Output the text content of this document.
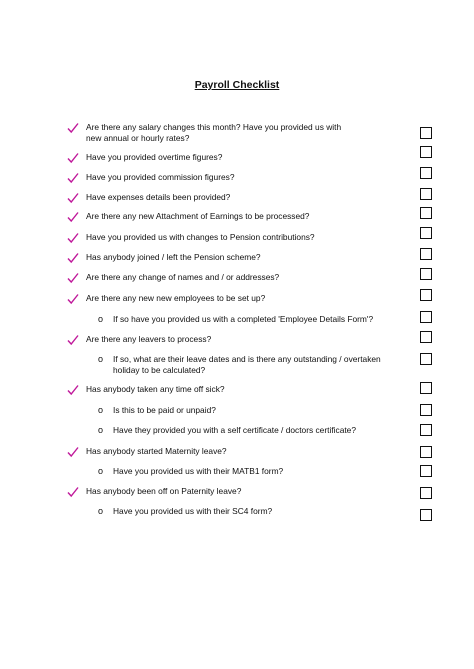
Payroll Checklist
Are there any salary changes this month? Have you provided us with
new annual or hourly rates?
Have you provided overtime figures?
Have you provided commission figures?
Have expenses details been provided?
Are there any new Attachment of Earnings to be processed?
Have you provided us with changes to Pension contributions?
Has anybody joined / left the Pension scheme?
Are there any change of names and / or addresses?
Are there any new new employees to be set up?
o If so have you provided us with a completed 'Employee Details Form'?
Are there any leavers to process?
o If so, what are their leave dates and is there any outstanding / overtaken
holiday to be calculated?
Has anybody taken any time off sick?
o Is this to be paid or unpaid?
o Have they provided you with a self certificate / doctors certificate?
Has anybody started Maternity leave?
o Have you provided us with their MATB1 form?
Has anybody been off on Paternity leave?
o Have you provided us with their SC4 form?
